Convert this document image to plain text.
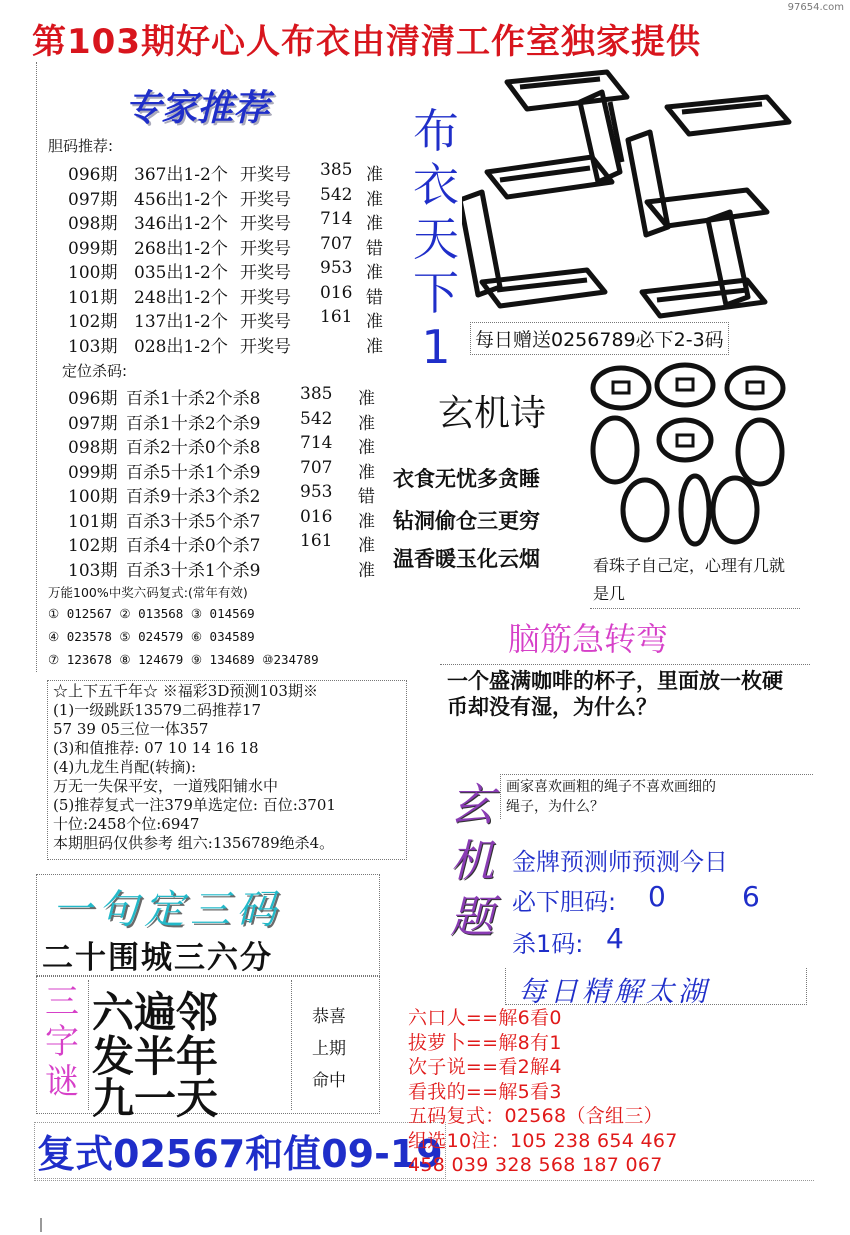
第103期好心人布衣由清清工作室独家提供
97654.com
专家推荐
胆码推荐:
096期 367出1-2个 开奖号 385 准
097期 456出1-2个 开奖号 542 准
098期 346出1-2个 开奖号 714 准
099期 268出1-2个 开奖号 707 错
100期 035出1-2个 开奖号 953 准
101期 248出1-2个 开奖号 016 错
102期 137出1-2个 开奖号 161 准
103期 028出1-2个 开奖号	准
定位杀码:
096期 百杀1十杀2个杀8 385 准
097期 百杀1十杀2个杀9 542 准
098期 百杀2十杀0个杀8 714 准
099期 百杀5十杀1个杀9 707 准
100期 百杀9十杀3个杀2 953 错
101期 百杀3十杀5个杀7 016 准
102期 百杀4十杀0个杀7 161 准
103期 百杀3十杀1个杀9	准
万能100%中奖六码复式:(常年有效)
① 012567 ② 013568 ③ 014569
④ 023578 ⑤ 024579 ⑥ 034589
⑦ 123678 ⑧ 124679 ⑨ 134689 ⑩234789
布
衣
天
下
1	每日赠送0256789必下2-3码
玄机诗
衣食无忧多贪睡
钻洞偷仓三更穷
温香暖玉化云烟	看珠子自己定，心理有几就是几
脑筋急转弯
一个盛满咖啡的杯子，里面放一枚硬币却没有湿，为什么？
☆上下五千年☆ ※福彩3D预测103期※
(1)一级跳跃13579二码推荐17
57 39 05三位一体357
(3)和值推荐: 07 10 14 16 18
(4)九龙生肖配(转摘):
万无一失保平安，一道残阳铺水中
(5)推荐复式一注379单选定位: 百位:3701
十位:2458个位:6947
本期胆码仅供参考 组六:1356789绝杀4。
玄
机
题
画家喜欢画粗的绳子不喜欢画细的
绳子，为什么？
金牌预测师预测今日
必下胆码: 0	6
杀1码: 4
一句定三码
二十围城三六分
三
字
谜
六遍邻
发半年
九一天
恭喜
上期
命中
复式02567和值09-19
每日精解太湖
六口人==解6看0
拔萝卜==解8有1
次子说==看2解4
看我的==解5看3
五码复式：02568（含组三）
组选10注：105 238 654 467
458 039 328 568 187 067
